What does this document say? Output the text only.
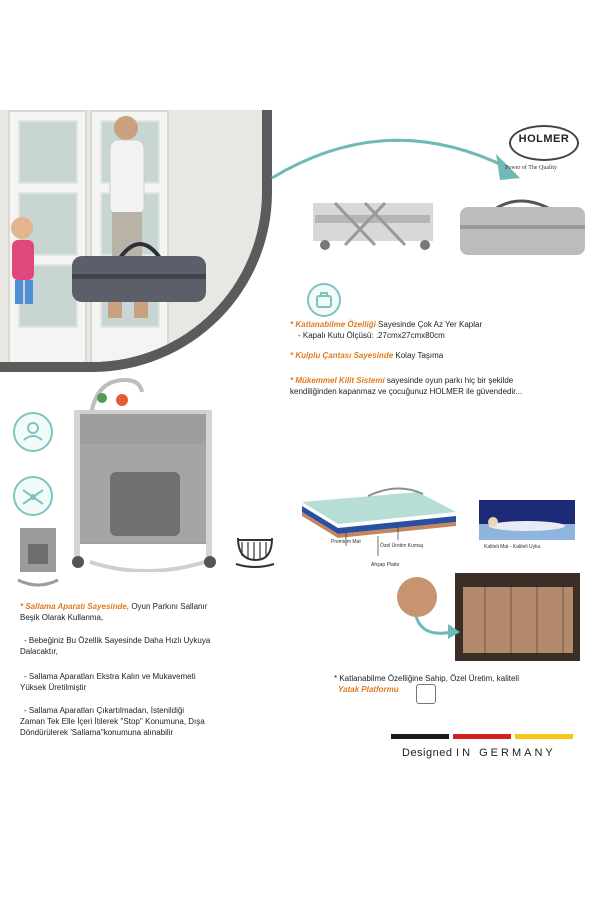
HOLMER
Power of The Quality
* Katlanabilme Özelliği Sayesinde Çok Az Yer Kaplar
- Kapalı Kutu Ölçüsü: .27cmx27cmx80cm
* Kulplu Çantası Sayesinde Kolay Taşıma
* Mükemmel Kilit Sistemi sayesinde oyun parkı hiç bir şekilde
kendiliğinden kapanmaz ve çocuğunuz HOLMER ile güvendedir...
Premium Mat
Özel Üretim Kumaş
Ahşap Platte
Kaliteli Mat - Kaliteli Uyku
* Sallama Aparatı Sayesinde, Oyun Parkını Sallanır
Beşik Olarak Kullanma,
- Bebeğiniz Bu Özellik Sayesinde Daha Hızlı Uykuya
Dalacaktır,
- Sallama Aparatları Ekstra Kalın ve Mukavemeti
Yüksek Üretilmiştir
- Sallama Aparatları Çıkartılmadan, İstenildiği
Zaman Tek Elle İçeri İtilerek ''Stop'' Konumuna, Dışa
Döndürülerek 'Sallama''konumuna alınabilir
* Katlanabilme Özelliğine Sahip, Özel Üretim, kaliteli
Yatak Platformu
Designed IN GERMANY
